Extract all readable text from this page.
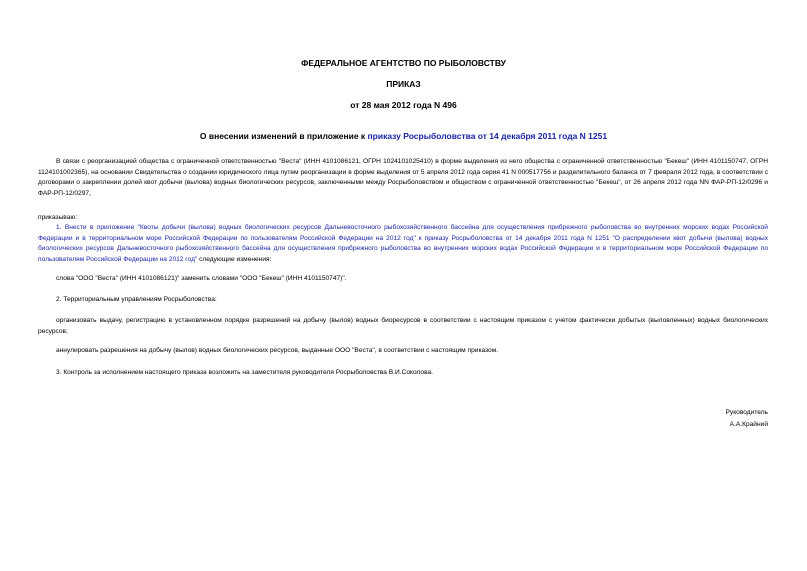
ФЕДЕРАЛЬНОЕ АГЕНТСТВО ПО РЫБОЛОВСТВУ
ПРИКАЗ
от 28 мая 2012 года N 496
О внесении изменений в приложение к приказу Росрыболовства от 14 декабря 2011 года N 1251
В связи с реорганизацией общества с ограниченной ответственностью "Веста" (ИНН 4101086121, ОГРН 1024101025410) в форме выделения из него общества с ограниченной ответственностью "Бекеш" (ИНН 4101150747, ОГРН 1124101002365), на основании Свидетельства о создании юридического лица путем реорганизации в форме выделения от 5 апреля 2012 года серия 41 N 000517756 и разделительного баланса от 7 февраля 2012 года, в соответствии с договорами о закреплении долей квот добычи (вылова) водных биологических ресурсов, заключенными между Росрыболовством и обществом с ограниченной ответственностью "Бекеш", от 26 апреля 2012 года NN ФАР-РП-12/0296 и ФАР-РП-12/0297,
приказываю:
1. Внести в приложение "Квоты добычи (вылова) водных биологических ресурсов Дальневосточного рыбохозяйственного бассейна для осуществления прибрежного рыболовства во внутренних морских водах Российской Федерации и в территориальном море Российской Федерации по пользователям Российской Федерации на 2012 год" к приказу Росрыболовства от 14 декабря 2011 года N 1251 "О распределении квот добычи (вылова) водных биологических ресурсов Дальневосточного рыбохозяйственного бассейна для осуществления прибрежного рыболовства во внутренних морских водах Российской Федерации и в территориальном море Российской Федерации по пользователям Российской Федерации на 2012 год" следующие изменения:
слова "ООО "Веста" (ИНН 4101086121)" заменить словами "ООО "Бекеш" (ИНН 4101150747)".
2. Территориальным управлениям Росрыболовства:
организовать выдачу, регистрацию в установленном порядке разрешений на добычу (вылов) водных биоресурсов в соответствии с настоящим приказом с учетом фактически добытых (выловленных) водных биологических ресурсов;
аннулировать разрешения на добычу (вылов) водных биологических ресурсов, выданные ООО "Веста", в соответствии с настоящим приказом.
3. Контроль за исполнением настоящего приказа возложить на заместителя руководителя Росрыболовства В.И.Соколова.
Руководитель
А.А.Крайний
